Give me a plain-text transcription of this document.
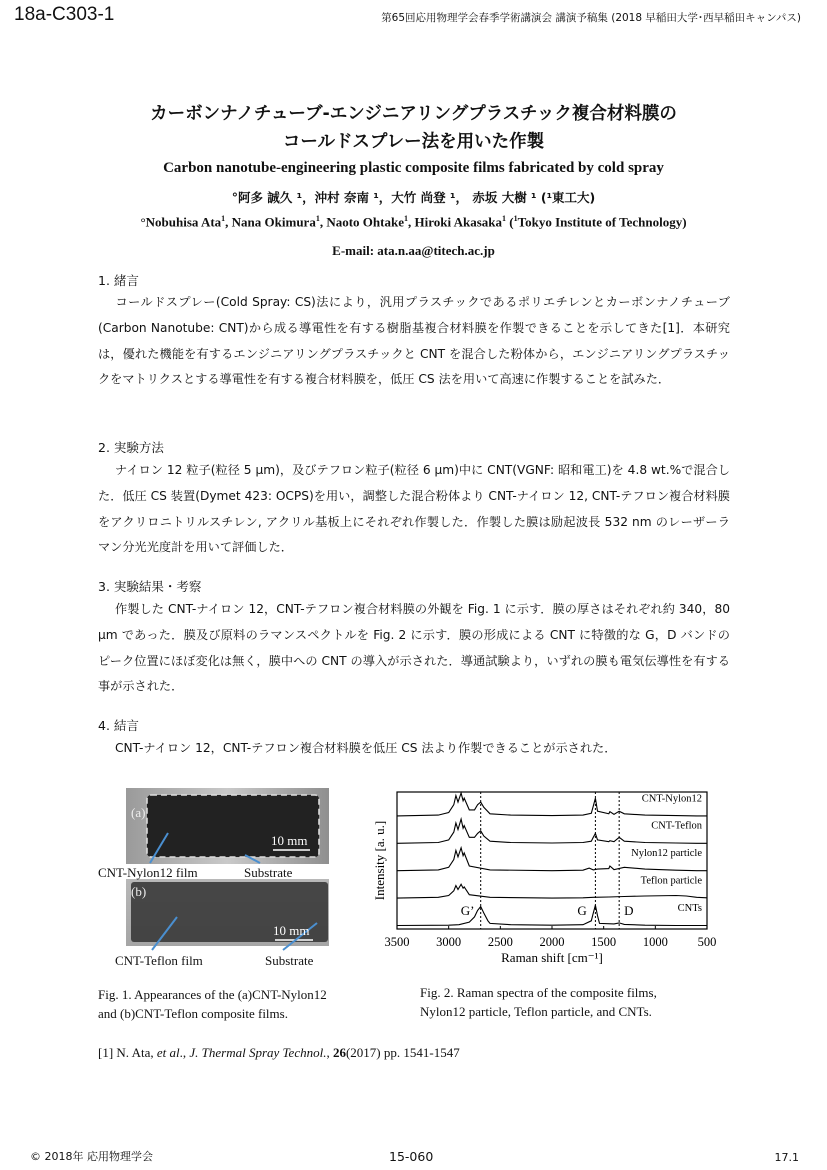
18a-C303-1	第65回応用物理学会春季学術講演会 講演予稿集 (2018 早稲田大学･西早稲田キャンパス)
カーボンナノチューブ-エンジニアリングプラスチック複合材料膜の
コールドスプレー法を用いた作製
Carbon nanotube-engineering plastic composite films fabricated by cold spray
°阿多 誠久 ¹，沖村 奈南 ¹，大竹 尚登 ¹， 赤坂 大樹 ¹ (¹東工大)
°Nobuhisa Ata$^1$, Nana Okimura$^1$, Naoto Ohtake$^1$, Hiroki Akasaka$^1$ ($^1$Tokyo Institute of Technology)
E-mail: ata.n.aa@titech.ac.jp
1. 緒言
コールドスプレー(Cold Spray: CS)法により，汎用プラスチックであるポリエチレンとカーボンナノチューブ(Carbon Nanotube: CNT)から成る導電性を有する樹脂基複合材料膜を作製できることを示してきた[1]．本研究は，優れた機能を有するエンジニアリングプラスチックと CNT を混合した粉体から，エンジニアリングプラスチックをマトリクスとする導電性を有する複合材料膜を，低圧 CS 法を用いて高速に作製することを試みた．
2. 実験方法
ナイロン 12 粒子(粒径 5 μm)，及びテフロン粒子(粒径 6 μm)中に CNT(VGNF: 昭和電工)を 4.8 wt.%で混合した．低圧 CS 装置(Dymet 423: OCPS)を用い，調整した混合粉体より CNT-ナイロン 12, CNT-テフロン複合材料膜をアクリロニトリルスチレン, アクリル基板上にそれぞれ作製した．作製した膜は励起波長 532 nm のレーザーラマン分光光度計を用いて評価した．
3. 実験結果・考察
作製した CNT-ナイロン 12，CNT-テフロン複合材料膜の外観を Fig. 1 に示す．膜の厚さはそれぞれ約 340，80 μm であった．膜及び原料のラマンスペクトルを Fig. 2 に示す．膜の形成による CNT に特徴的な G，D バンドのピーク位置にほぼ変化は無く，膜中への CNT の導入が示された．導通試験より，いずれの膜も電気伝導性を有する事が示された．
4. 結言
CNT-ナイロン 12，CNT-テフロン複合材料膜を低圧 CS 法より作製できることが示された．
(a)
(b)
10 mm
10 mm
CNT-Nylon12 film	Substrate
CNT-Teflon film	Substrate
Fig. 1. Appearances of the (a)CNT-Nylon12
and (b)CNT-Teflon composite films.
G’	G	D
CNT-Nylon12
CNT-Teflon
Nylon12 particle
Teflon particle
CNTs
3500 3000 2500 2000 1500 1000 500
Raman shift [cm⁻¹]
Intensity [a. u.]
Fig. 2. Raman spectra of the composite films,
Nylon12 particle, Teflon particle, and CNTs.
[1] N. Ata, et al., J. Thermal Spray Technol., 26(2017) pp. 1541-1547
© 2018年 応用物理学会	15-060	17.1
